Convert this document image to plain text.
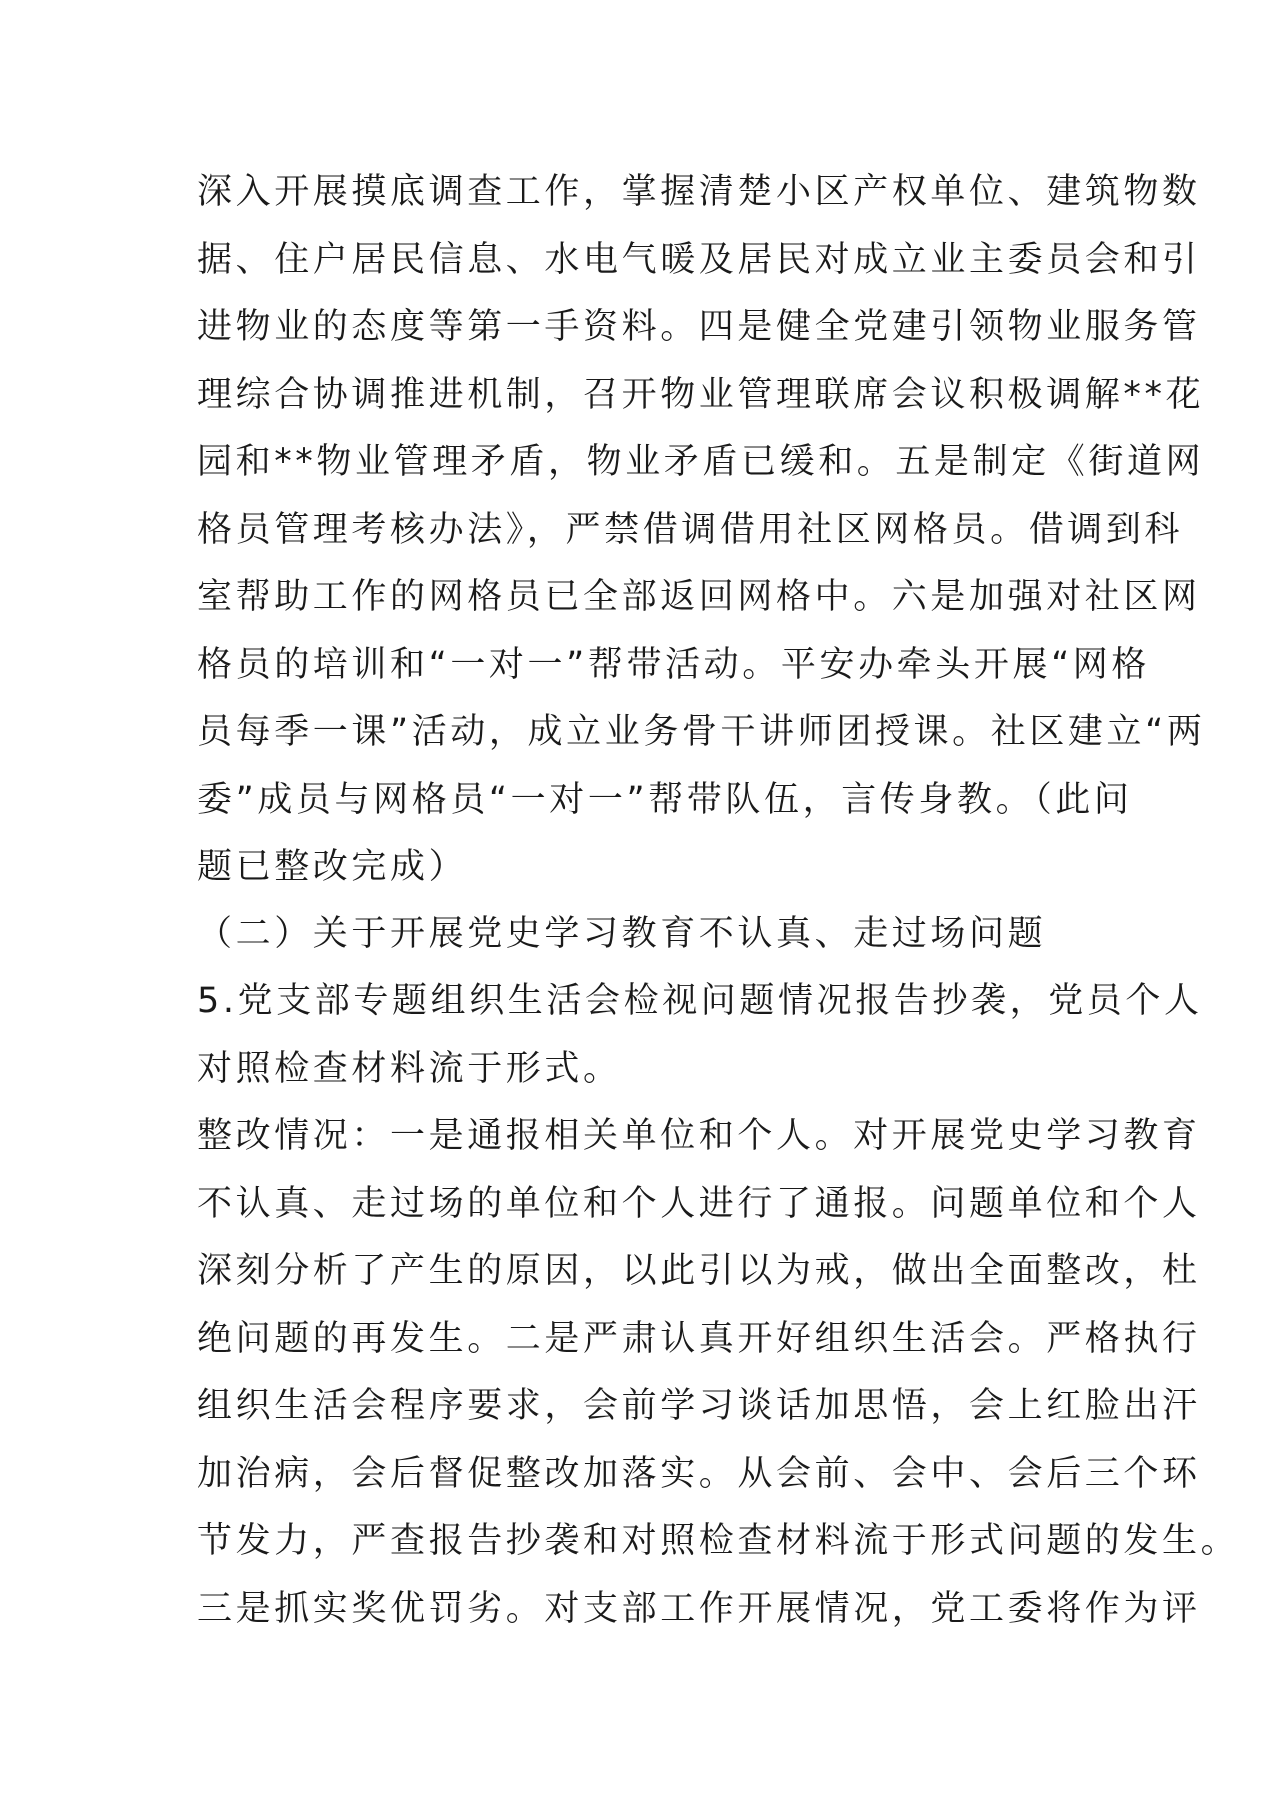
深入开展摸底调查工作，掌握清楚小区产权单位、建筑物数
据、住户居民信息、水电气暖及居民对成立业主委员会和引
进物业的态度等第一手资料。四是健全党建引领物业服务管
理综合协调推进机制，召开物业管理联席会议积极调解**花
园和**物业管理矛盾，物业矛盾已缓和。五是制定《街道网
格员管理考核办法》，严禁借调借用社区网格员。借调到科
室帮助工作的网格员已全部返回网格中。六是加强对社区网
格员的培训和“一对一”帮带活动。平安办牵头开展“网格
员每季一课”活动，成立业务骨干讲师团授课。社区建立“两
委”成员与网格员“一对一”帮带队伍，言传身教。（此问
题已整改完成）
（二）关于开展党史学习教育不认真、走过场问题
5.党支部专题组织生活会检视问题情况报告抄袭，党员个人
对照检查材料流于形式。
整改情况：一是通报相关单位和个人。对开展党史学习教育
不认真、走过场的单位和个人进行了通报。问题单位和个人
深刻分析了产生的原因，以此引以为戒，做出全面整改，杜
绝问题的再发生。二是严肃认真开好组织生活会。严格执行
组织生活会程序要求，会前学习谈话加思悟，会上红脸出汗
加治病，会后督促整改加落实。从会前、会中、会后三个环
节发力，严查报告抄袭和对照检查材料流于形式问题的发生。
三是抓实奖优罚劣。对支部工作开展情况，党工委将作为评
